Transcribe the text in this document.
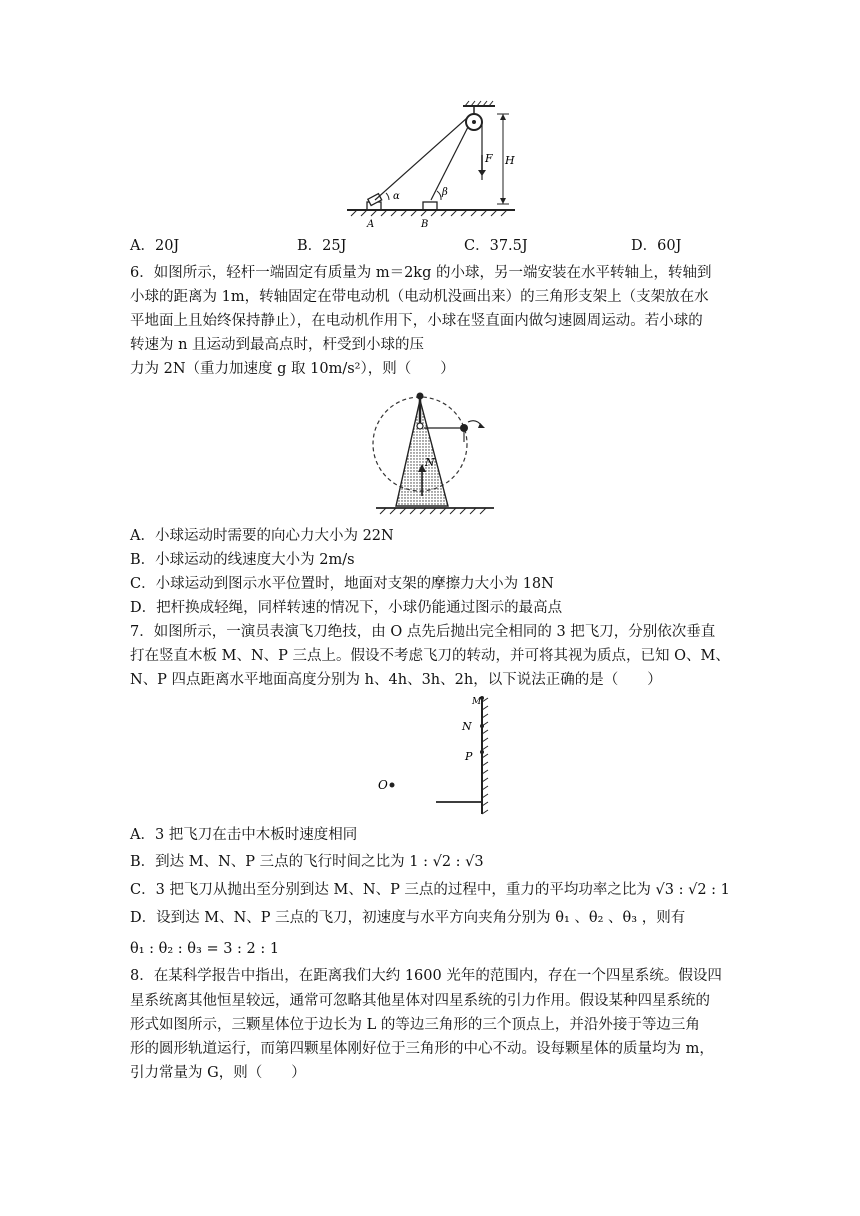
α	β
F H
A	B
A．20J	B．25J	C．37.5J	D．60J
6．如图所示，轻杆一端固定有质量为 m＝2kg 的小球，另一端安装在水平转轴上，转轴到
小球的距离为 1m，转轴固定在带电动机（电动机没画出来）的三角形支架上（支架放在水
平地面上且始终保持静止），在电动机作用下，小球在竖直面内做匀速圆周运动。若小球的
转速为 n 且运动到最高点时，杆受到小球的压
力为 2N（重力加速度 g 取 10m/s²），则（　　）
N
A．小球运动时需要的向心力大小为 22N
B．小球运动的线速度大小为 2m/s
C．小球运动到图示水平位置时，地面对支架的摩擦力大小为 18N
D．把杆换成轻绳，同样转速的情况下，小球仍能通过图示的最高点
7．如图所示，一演员表演飞刀绝技，由 O 点先后抛出完全相同的 3 把飞刀，分别依次垂直
打在竖直木板 M、N、P 三点上。假设不考虑飞刀的转动，并可将其视为质点，已知 O、M、
N、P 四点距离水平地面高度分别为 h、4h、3h、2h，以下说法正确的是（　　）
N
P
M
O
A．3 把飞刀在击中木板时速度相同
B．到达 M、N、P 三点的飞行时间之比为 1 : √2 : √3
C．3 把飞刀从抛出至分别到达 M、N、P 三点的过程中，重力的平均功率之比为 √3 : √2 : 1
D．设到达 M、N、P 三点的飞刀，初速度与水平方向夹角分别为 θ₁ 、θ₂ 、θ₃ ，则有
θ₁ : θ₂ : θ₃ = 3 : 2 : 1
8．在某科学报告中指出，在距离我们大约 1600 光年的范围内，存在一个四星系统。假设四
星系统离其他恒星较远，通常可忽略其他星体对四星系统的引力作用。假设某种四星系统的
形式如图所示，三颗星体位于边长为 L 的等边三角形的三个顶点上，并沿外接于等边三角
形的圆形轨道运行，而第四颗星体刚好位于三角形的中心不动。设每颗星体的质量均为 m，
引力常量为 G，则（　　）
